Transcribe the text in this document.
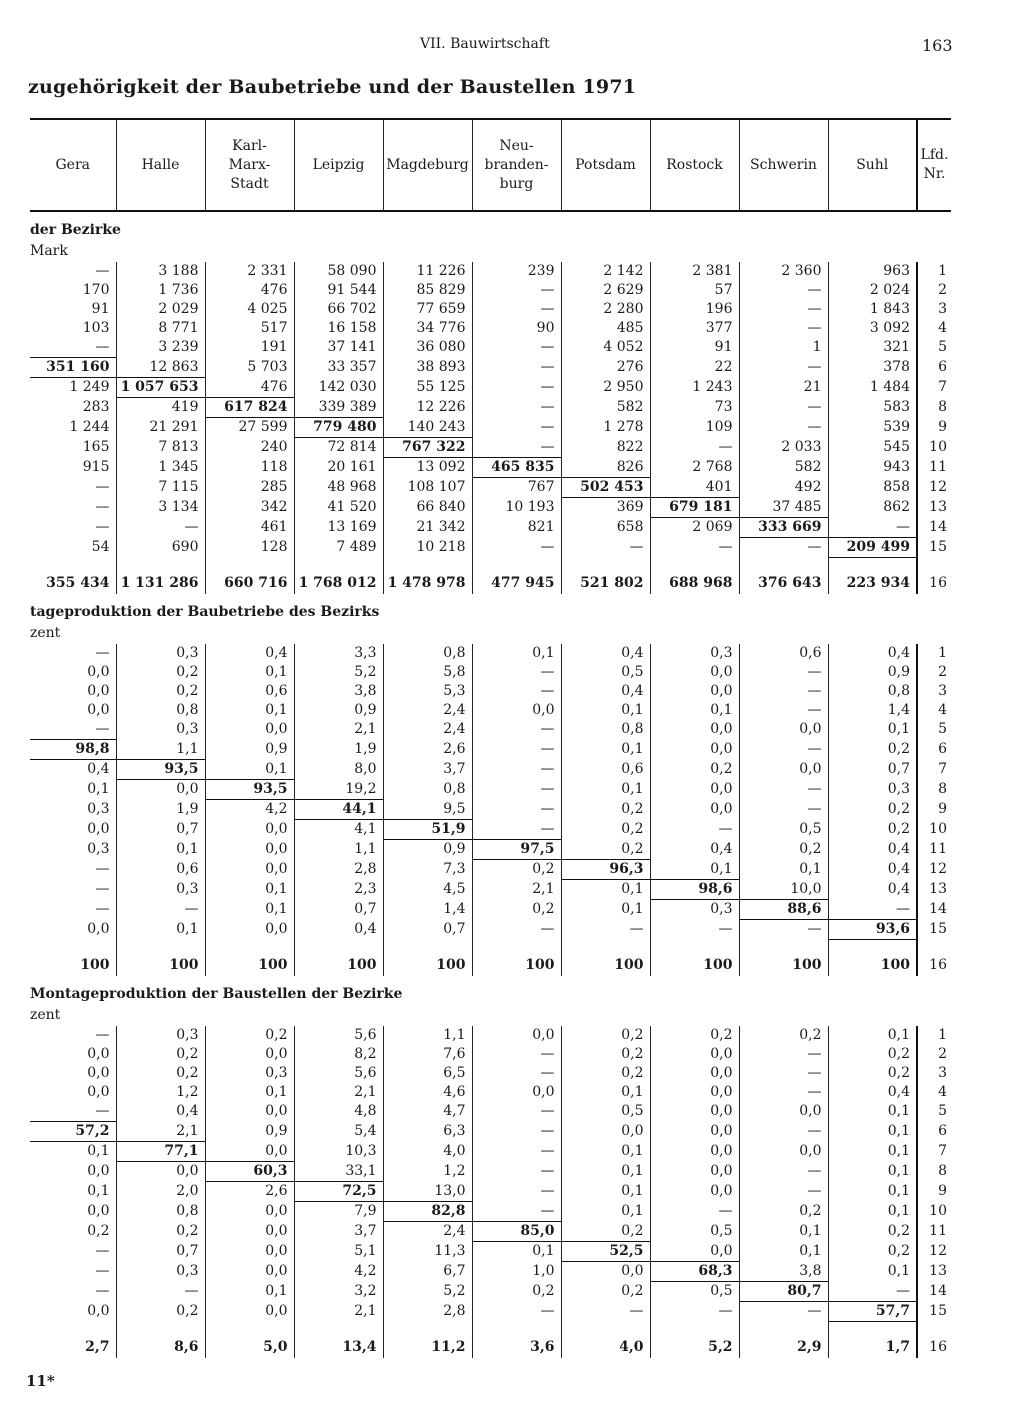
VII. Bauwirtschaft	163
zugehörigkeit der Baubetriebe und der Baustellen 1971
Gera	Halle	Karl-
Marx-
Stadt	Leipzig	Magdeburg	Neu-
branden-
burg	Potsdam	Rostock	Schwerin	Suhl	Lfd.
Nr.

der Bezirke										
Mark										
—	3 188	2 331	58 090	11 226	239	2 142	2 381	2 360	963	1
170	1 736	476	91 544	85 829	—	2 629	57	—	2 024	2
91	2 029	4 025	66 702	77 659	—	2 280	196	—	1 843	3
103	8 771	517	16 158	34 776	90	485	377	—	3 092	4
—	3 239	191	37 141	36 080	—	4 052	91	1	321	5
351 160	12 863	5 703	33 357	38 893	—	276	22	—	378	6
1 249	1 057 653	476	142 030	55 125	—	2 950	1 243	21	1 484	7
283	419	617 824	339 389	12 226	—	582	73	—	583	8
1 244	21 291	27 599	779 480	140 243	—	1 278	109	—	539	9
165	7 813	240	72 814	767 322	—	822	—	2 033	545	10
915	1 345	118	20 161	13 092	465 835	826	2 768	582	943	11
—	7 115	285	48 968	108 107	767	502 453	401	492	858	12
—	3 134	342	41 520	66 840	10 193	369	679 181	37 485	862	13
—	—	461	13 169	21 342	821	658	2 069	333 669	—	14
54	690	128	7 489	10 218	—	—	—	—	209 499	15

355 434	1 131 286	660 716	1 768 012	1 478 978	477 945	521 802	688 968	376 643	223 934	16

tageproduktion der Baubetriebe des Bezirks										
zent										
—	0,3	0,4	3,3	0,8	0,1	0,4	0,3	0,6	0,4	1
0,0	0,2	0,1	5,2	5,8	—	0,5	0,0	—	0,9	2
0,0	0,2	0,6	3,8	5,3	—	0,4	0,0	—	0,8	3
0,0	0,8	0,1	0,9	2,4	0,0	0,1	0,1	—	1,4	4
—	0,3	0,0	2,1	2,4	—	0,8	0,0	0,0	0,1	5
98,8	1,1	0,9	1,9	2,6	—	0,1	0,0	—	0,2	6
0,4	93,5	0,1	8,0	3,7	—	0,6	0,2	0,0	0,7	7
0,1	0,0	93,5	19,2	0,8	—	0,1	0,0	—	0,3	8
0,3	1,9	4,2	44,1	9,5	—	0,2	0,0	—	0,2	9
0,0	0,7	0,0	4,1	51,9	—	0,2	—	0,5	0,2	10
0,3	0,1	0,0	1,1	0,9	97,5	0,2	0,4	0,2	0,4	11
—	0,6	0,0	2,8	7,3	0,2	96,3	0,1	0,1	0,4	12
—	0,3	0,1	2,3	4,5	2,1	0,1	98,6	10,0	0,4	13
—	—	0,1	0,7	1,4	0,2	0,1	0,3	88,6	—	14
0,0	0,1	0,0	0,4	0,7	—	—	—	—	93,6	15

100	100	100	100	100	100	100	100	100	100	16

Montageproduktion der Baustellen der Bezirke										
zent										
—	0,3	0,2	5,6	1,1	0,0	0,2	0,2	0,2	0,1	1
0,0	0,2	0,0	8,2	7,6	—	0,2	0,0	—	0,2	2
0,0	0,2	0,3	5,6	6,5	—	0,2	0,0	—	0,2	3
0,0	1,2	0,1	2,1	4,6	0,0	0,1	0,0	—	0,4	4
—	0,4	0,0	4,8	4,7	—	0,5	0,0	0,0	0,1	5
57,2	2,1	0,9	5,4	6,3	—	0,0	0,0	—	0,1	6
0,1	77,1	0,0	10,3	4,0	—	0,1	0,0	0,0	0,1	7
0,0	0,0	60,3	33,1	1,2	—	0,1	0,0	—	0,1	8
0,1	2,0	2,6	72,5	13,0	—	0,1	0,0	—	0,1	9
0,0	0,8	0,0	7,9	82,8	—	0,1	—	0,2	0,1	10
0,2	0,2	0,0	3,7	2,4	85,0	0,2	0,5	0,1	0,2	11
—	0,7	0,0	5,1	11,3	0,1	52,5	0,0	0,1	0,2	12
—	0,3	0,0	4,2	6,7	1,0	0,0	68,3	3,8	0,1	13
—	—	0,1	3,2	5,2	0,2	0,2	0,5	80,7	—	14
0,0	0,2	0,0	2,1	2,8	—	—	—	—	57,7	15

2,7	8,6	5,0	13,4	11,2	3,6	4,0	5,2	2,9	1,7	16
11*
